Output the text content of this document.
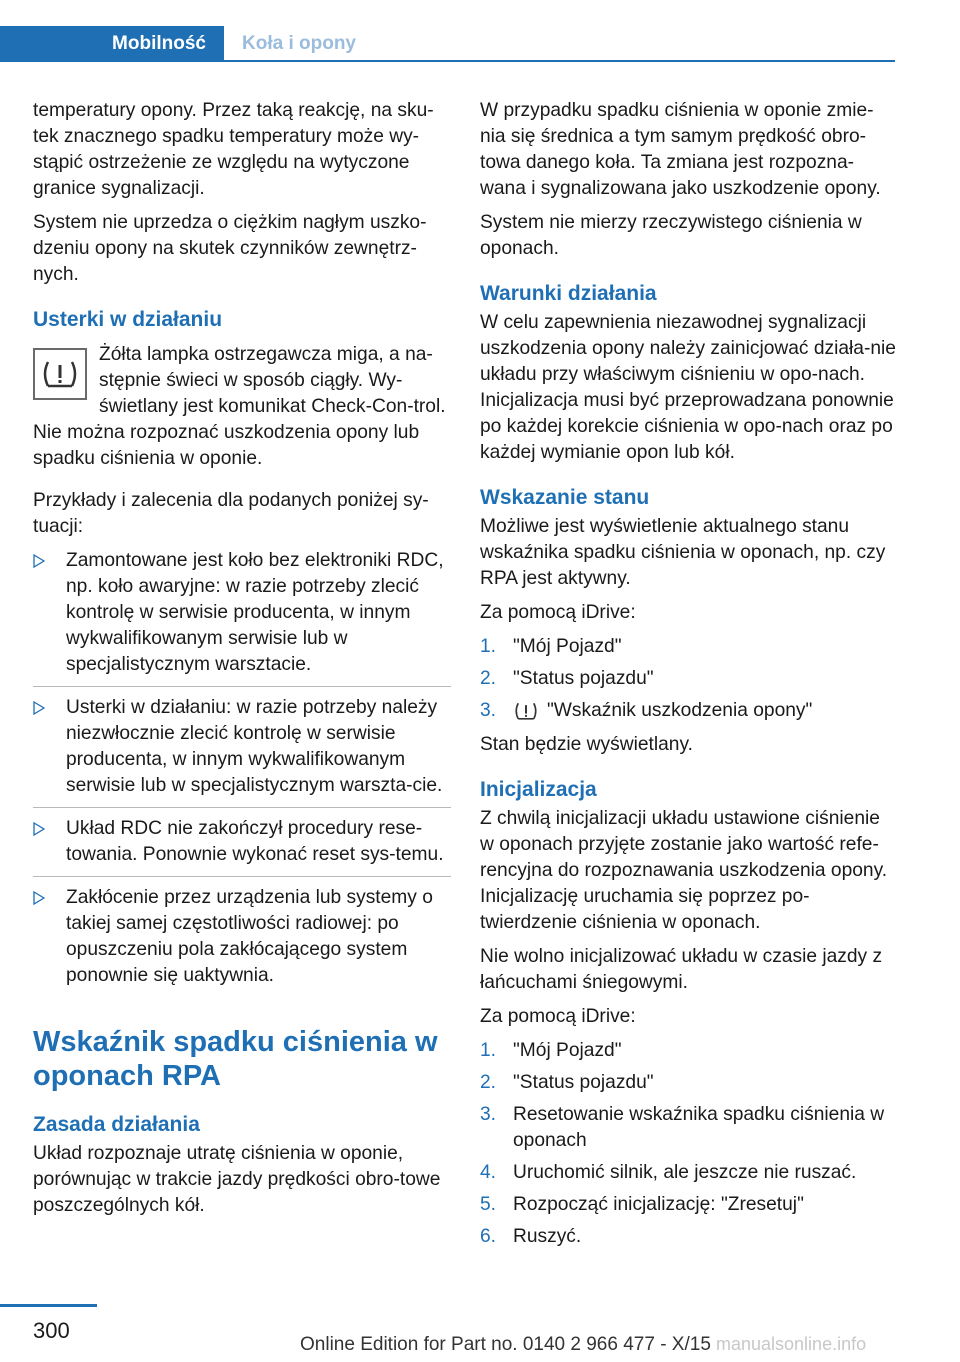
Mobilność Koła i opony

temperatury opony. Przez taką reakcję, na sku-tek znacznego spadku temperatury może wy-stąpić ostrzeżenie ze względu na wytyczone granice sygnalizacji.

System nie uprzedza o ciężkim nagłym uszko-dzeniu opony na skutek czynników zewnętrz-nych.

Usterki w działaniu
Żółta lampka ostrzegawcza miga, a na-stępnie świeci w sposób ciągły. Wy-świetlany jest komunikat Check-Con-trol. Nie można rozpoznać uszkodzenia opony lub spadku ciśnienia w oponie.

Przykłady i zalecenia dla podanych poniżej sy-tuacji:

Zamontowane jest koło bez elektroniki RDC, np. koło awaryjne: w razie potrzeby zlecić kontrolę w serwisie producenta, w innym wykwalifikowanym serwisie lub w specjalistycznym warsztacie.
Usterki w działaniu: w razie potrzeby należy niezwłocznie zlecić kontrolę w serwisie producenta, w innym wykwalifikowanym serwisie lub w specjalistycznym warszta-cie.
Układ RDC nie zakończył procedury rese-towania. Ponownie wykonać reset sys-temu.
Zakłócenie przez urządzenia lub systemy o takiej samej częstotliwości radiowej: po opuszczeniu pola zakłócającego system ponownie się uaktywnia.
Wskaźnik spadku ciśnienia w oponach RPA
Zasada działania

Układ rozpoznaje utratę ciśnienia w oponie, porównując w trakcie jazdy prędkości obro-towe poszczególnych kół.

W przypadku spadku ciśnienia w oponie zmie-nia się średnica a tym samym prędkość obro-towa danego koła. Ta zmiana jest rozpozna-wana i sygnalizowana jako uszkodzenie opony.

System nie mierzy rzeczywistego ciśnienia w oponach.

Warunki działania

W celu zapewnienia niezawodnej sygnalizacji uszkodzenia opony należy zainicjować działa-nie układu przy właściwym ciśnieniu w opo-nach. Inicjalizacja musi być przeprowadzana ponownie po każdej korekcie ciśnienia w opo-nach oraz po każdej wymianie opon lub kół.

Wskazanie stanu

Możliwe jest wyświetlenie aktualnego stanu wskaźnika spadku ciśnienia w oponach, np. czy RPA jest aktywny.

Za pomocą iDrive:

1. "Mój Pojazd"
2. "Status pojazdu"
3.	"Wskaźnik uszkodzenia opony"

Stan będzie wyświetlany.

Inicjalizacja

Z chwilą inicjalizacji układu ustawione ciśnienie w oponach przyjęte zostanie jako wartość refe-rencyjna do rozpoznawania uszkodzenia opony. Inicjalizację uruchamia się poprzez po-twierdzenie ciśnienia w oponach.

Nie wolno inicjalizować układu w czasie jazdy z łańcuchami śniegowymi.

Za pomocą iDrive:

1. "Mój Pojazd"
2. "Status pojazdu"
3. Resetowanie wskaźnika spadku ciśnienia w oponach
4. Uruchomić silnik, ale jeszcze nie ruszać.
5. Rozpocząć inicjalizację: "Zresetuj"
6. Ruszyć.
300
Online Edition for Part no. 0140 2 966 477 - X/15 manualsonline.info
